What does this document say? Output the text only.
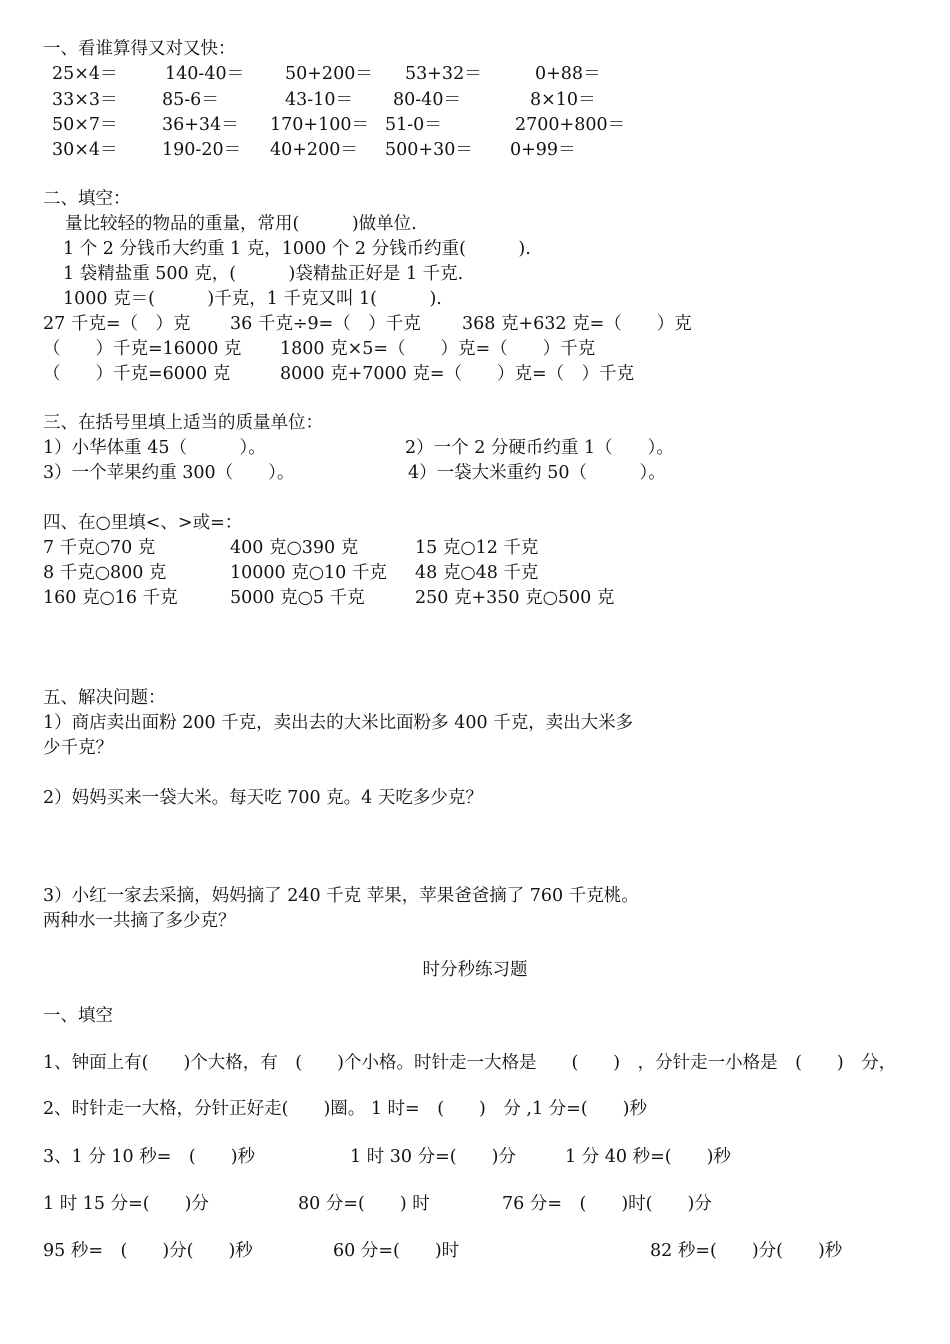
一、看谁算得又对又快：
25×4＝	140-40＝ 50+200＝ 53+32＝	0+88＝
33×3＝	85-6＝	43-10＝ 80-40＝	8×10＝
50×7＝	36+34＝ 170+100＝ 51-0＝	2700+800＝
30×4＝	190-20＝ 40+200＝ 500+30＝ 0+99＝
二、填空：
量比较轻的物品的重量，常用(　　　)做单位.
1 个 2 分钱币大约重 1 克，1000 个 2 分钱币约重(　　　).
1 袋精盐重 500 克，(　　　)袋精盐正好是 1 千克.
1000 克＝(　　　)千克，1 千克又叫 1(　　　).
27 千克=（　）克 36 千克÷9=（　）千克 368 克+632 克=（　　）克
（　　）千克=16000 克 1800 克×5=（　　）克=（　　）千克
（　　）千克=6000 克	8000 克+7000 克=（　　）克=（　）千克
三、在括号里填上适当的质量单位：
1）小华体重 45（　　　）。	2）一个 2 分硬币约重 1（　　）。
3）一个苹果约重 300（　　）。	4）一袋大米重约 50（　　　）。
四、在○里填<、>或=：
7 千克○70 克	400 克○390 克	15 克○12 千克
8 千克○800 克	10000 克○10 千克 48 克○48 千克
160 克○16 千克	5000 克○5 千克	250 克+350 克○500 克
五、解决问题：
1）商店卖出面粉 200 千克，卖出去的大米比面粉多 400 千克，卖出大米多
少千克？
2）妈妈买来一袋大米。每天吃 700 克。4 天吃多少克？
3）小红一家去采摘，妈妈摘了 240 千克 苹果，苹果爸爸摘了 760 千克桃。
两种水一共摘了多少克？
时分秒练习题
一、填空
1、钟面上有(　　)个大格，有　(　　)个小格。时针走一大格是　　(　　)　，分针走一小格是　(　　)　分，
2、时针走一大格，分针正好走(　　)圈。 1 时=　(　　)　分 ,1 分=(　　)秒
3、1 分 10 秒=　(　　)秒	1 时 30 分=(　　)分	1 分 40 秒=(　　)秒
1 时 15 分=(　　)分	80 分=(　　) 时	76 分=　(　　)时(　　)分
95 秒=　(　　)分(　　)秒	60 分=(　　)时	82 秒=(　　)分(　　)秒
